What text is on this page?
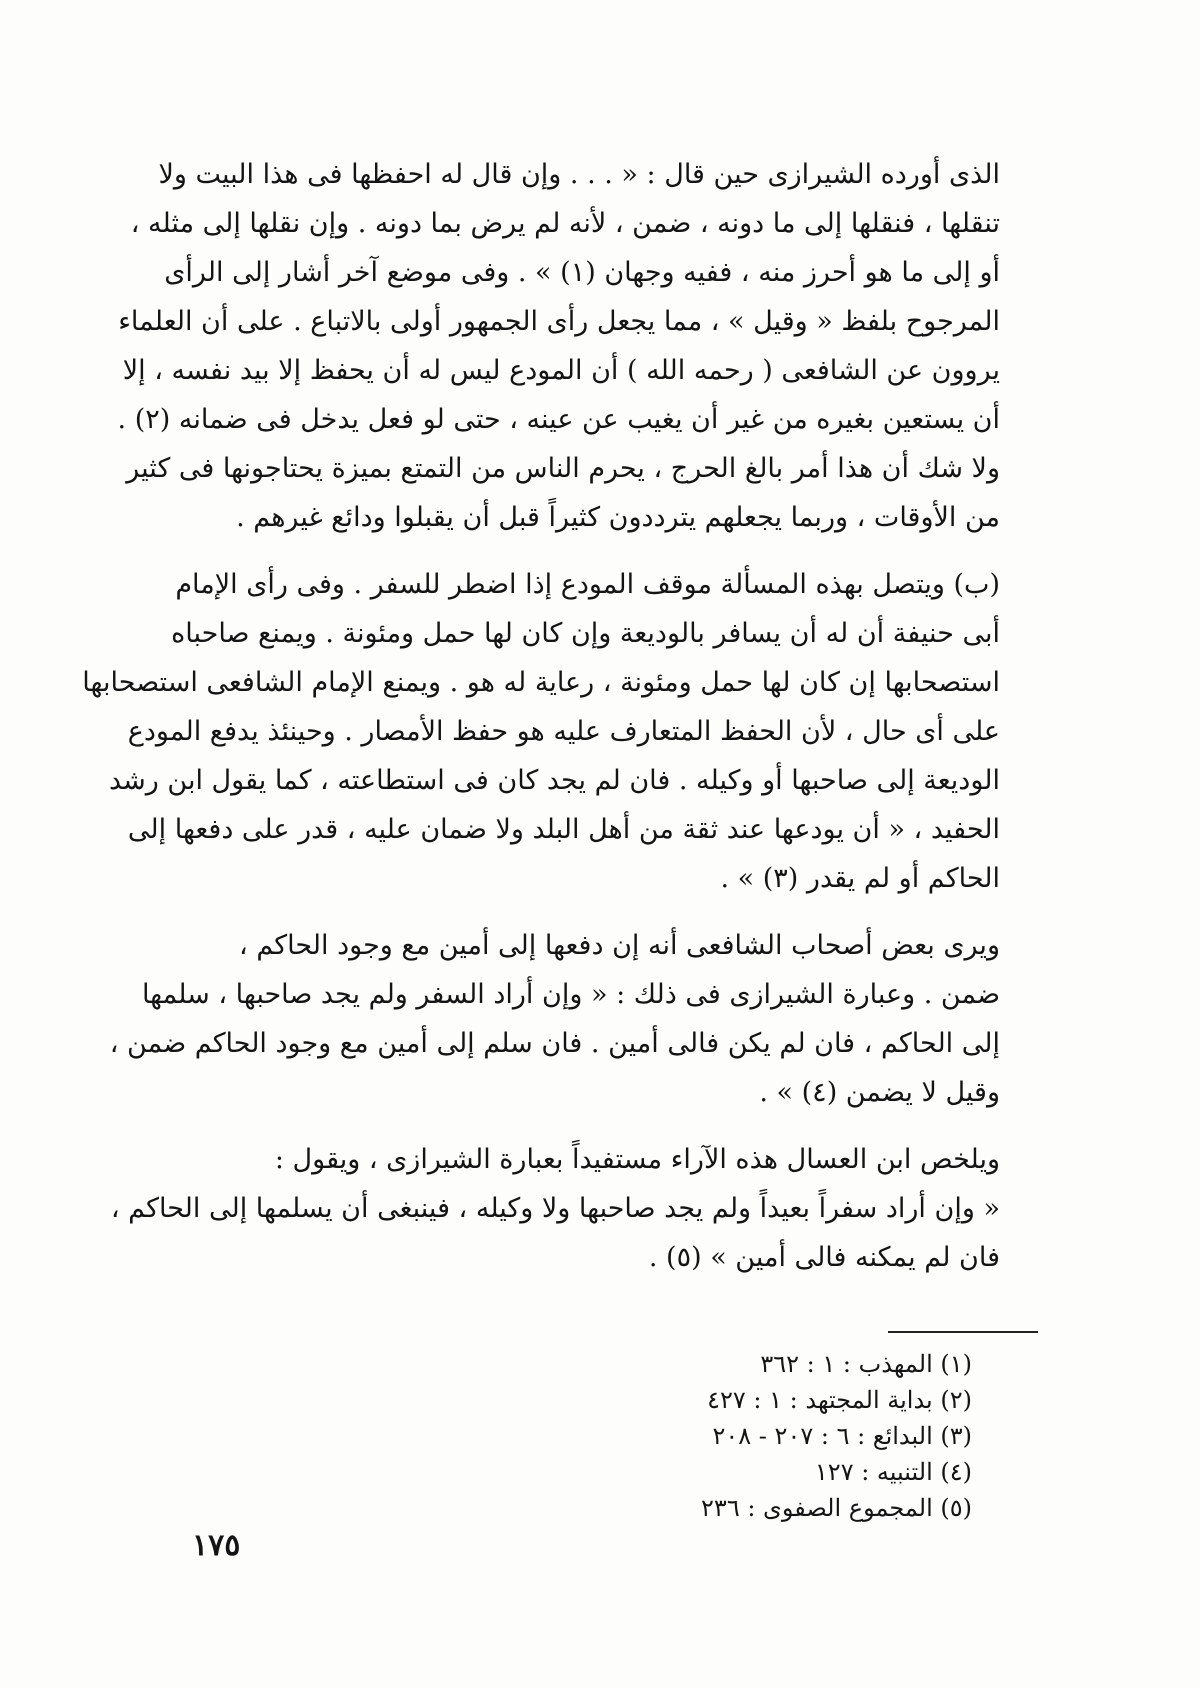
الذى أورده الشيرازى حين قال : « . . . وإن قال له احفظها فى هذا البيت ولا
تنقلها ، فنقلها إلى ما دونه ، ضمن ، لأنه لم يرض بما دونه . وإن نقلها إلى مثله ،
أو إلى ما هو أحرز منه ، ففيه وجهان (١) » . وفى موضع آخر أشار إلى الرأى
المرجوح بلفظ « وقيل » ، مما يجعل رأى الجمهور أولى بالاتباع . على أن العلماء
يروون عن الشافعى ( رحمه الله ) أن المودع ليس له أن يحفظ إلا بيد نفسه ، إلا
أن يستعين بغيره من غير أن يغيب عن عينه ، حتى لو فعل يدخل فى ضمانه (٢) .
ولا شك أن هذا أمر بالغ الحرج ، يحرم الناس من التمتع بميزة يحتاجونها فى كثير
من الأوقات ، وربما يجعلهم يترددون كثيراً قبل أن يقبلوا ودائع غيرهم .
(ب) ويتصل بهذه المسألة موقف المودع إذا اضطر للسفر . وفى رأى الإمام
أبى حنيفة أن له أن يسافر بالوديعة وإن كان لها حمل ومئونة . ويمنع صاحباه
استصحابها إن كان لها حمل ومئونة ، رعاية له هو . ويمنع الإمام الشافعى استصحابها
على أى حال ، لأن الحفظ المتعارف عليه هو حفظ الأمصار . وحينئذ يدفع المودع
الوديعة إلى صاحبها أو وكيله . فان لم يجد كان فى استطاعته ، كما يقول ابن رشد
الحفيد ، « أن يودعها عند ثقة من أهل البلد ولا ضمان عليه ، قدر على دفعها إلى
الحاكم أو لم يقدر (٣) » .
ويرى بعض أصحاب الشافعى أنه إن دفعها إلى أمين مع وجود الحاكم ،
ضمن . وعبارة الشيرازى فى ذلك : « وإن أراد السفر ولم يجد صاحبها ، سلمها
إلى الحاكم ، فان لم يكن فالى أمين . فان سلم إلى أمين مع وجود الحاكم ضمن ،
وقيل لا يضمن (٤) » .
ويلخص ابن العسال هذه الآراء مستفيداً بعبارة الشيرازى ، ويقول :
« وإن أراد سفراً بعيداً ولم يجد صاحبها ولا وكيله ، فينبغى أن يسلمها إلى الحاكم ،
فان لم يمكنه فالى أمين » (٥) .
(١) المهذب : ١ : ٣٦٢
(٢) بداية المجتهد : ١ : ٤٢٧
(٣) البدائع : ٦ : ٢٠٧ - ٢٠٨
(٤) التنبيه : ١٢٧
(٥) المجموع الصفوى : ٢٣٦
١٧٥
